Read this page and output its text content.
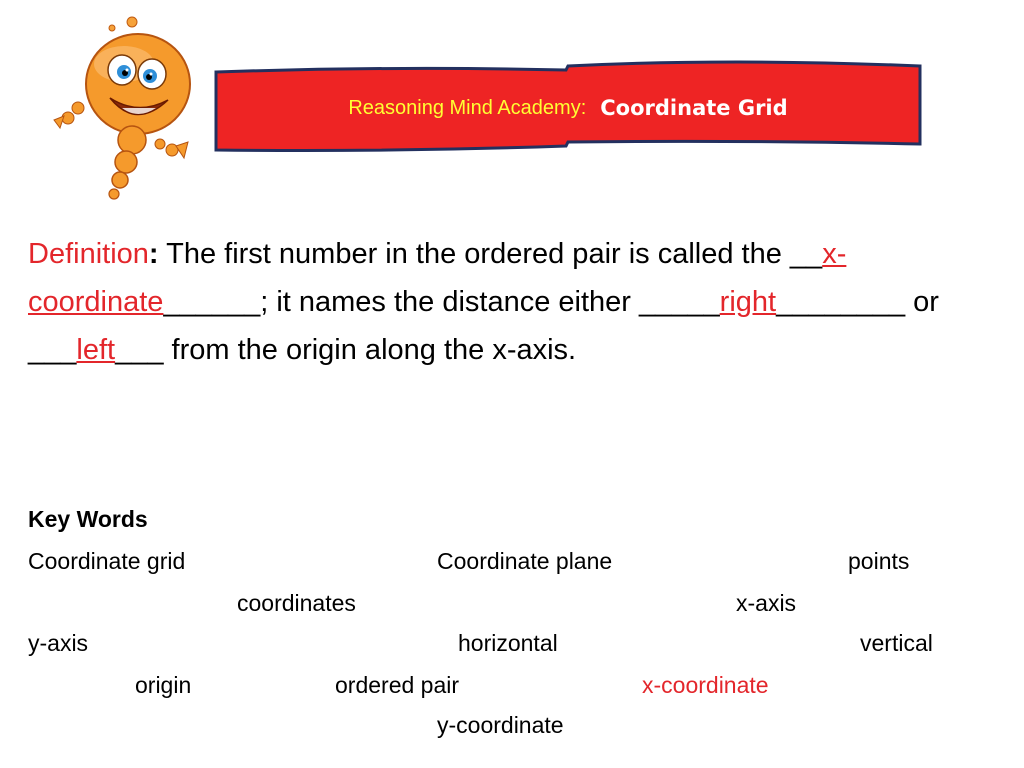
Reasoning Mind Academy: Coordinate Grid

Definition: The first number in the ordered pair is called the __x-coordinate______; it names the distance either _____right________ or ___left___ from the origin along the x-axis.

Key Words

Coordinate grid	Coordinate plane	points
coordinates	x-axis
y-axis	horizontal	vertical
origin	ordered pair	x-coordinate
y-coordinate
